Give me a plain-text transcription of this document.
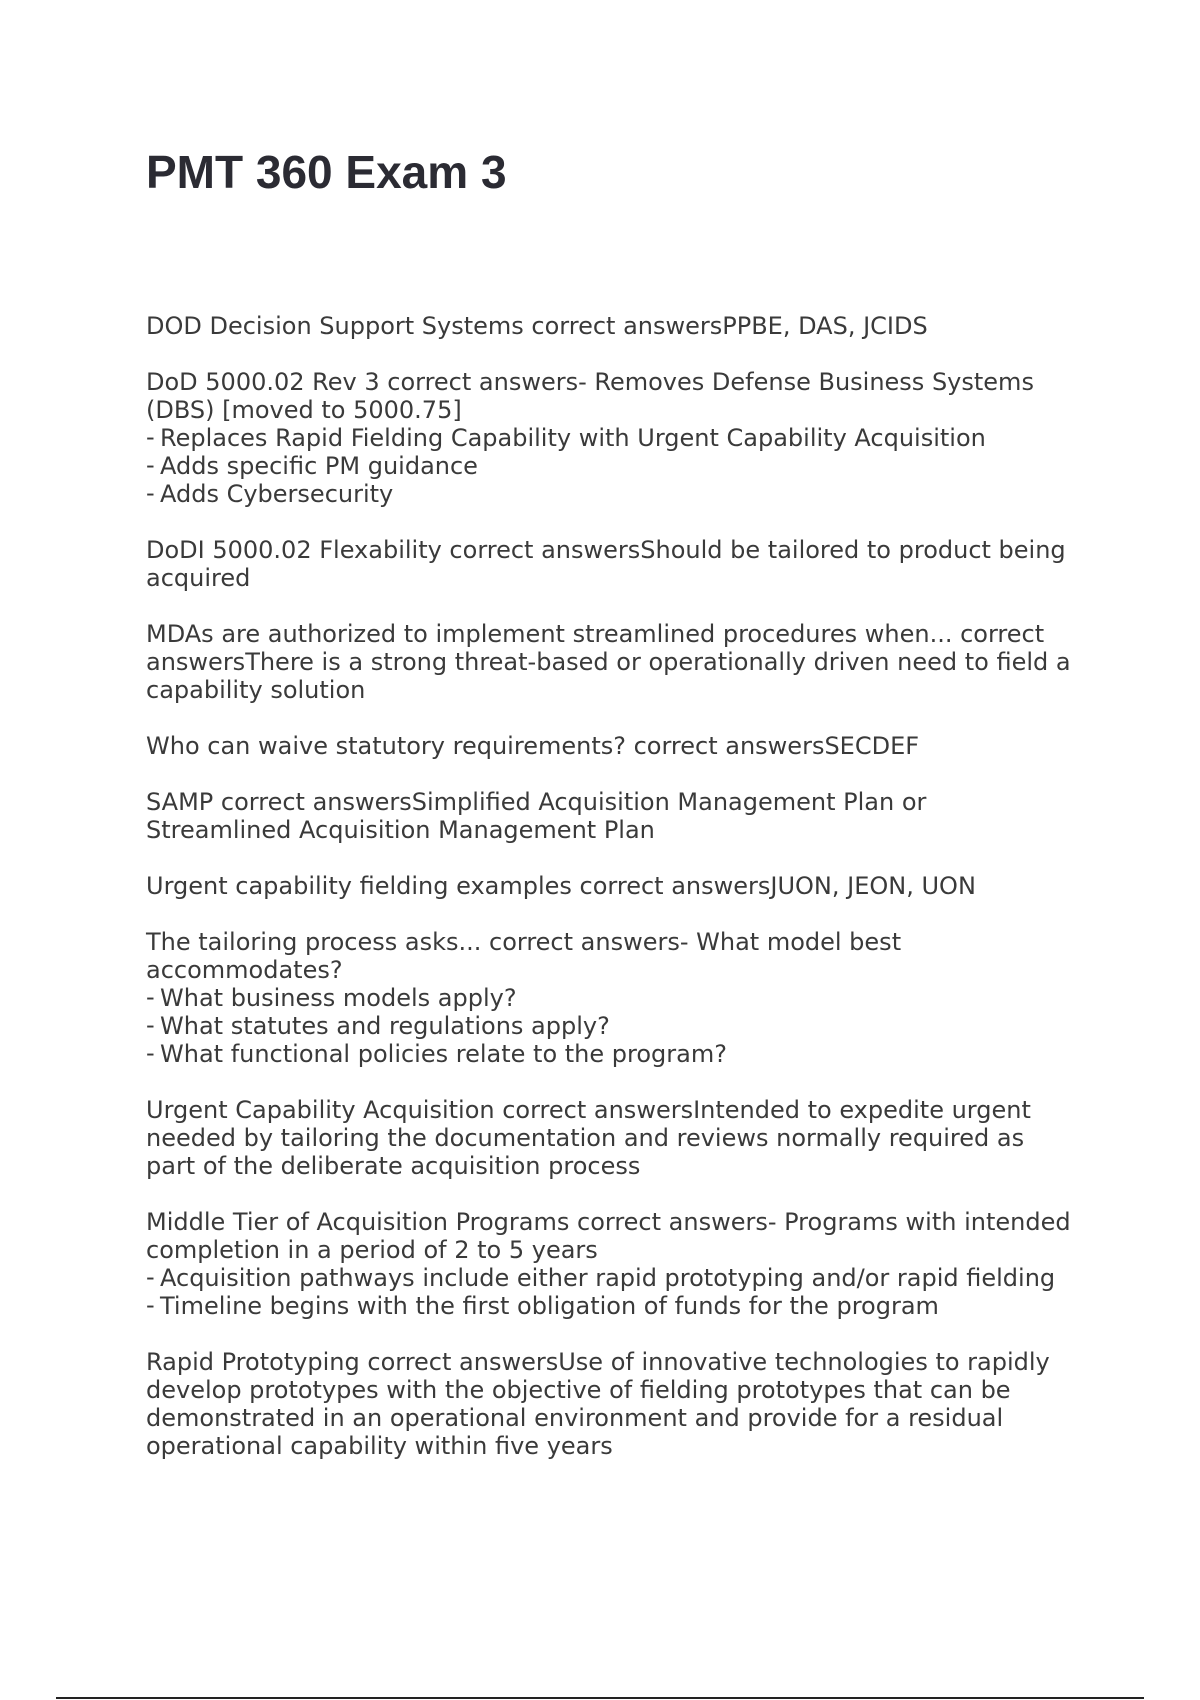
PMT 360 Exam 3

DOD Decision Support Systems correct answersPPBE, DAS, JCIDS

DoD 5000.02 Rev 3 correct answers- Removes Defense Business Systems (DBS) [moved to 5000.75]

- Replaces Rapid Fielding Capability with Urgent Capability Acquisition
- Adds specific PM guidance
- Adds Cybersecurity

DoDI 5000.02 Flexability correct answersShould be tailored to product being acquired

MDAs are authorized to implement streamlined procedures when... correct answersThere is a strong threat-based or operationally driven need to field a capability solution

Who can waive statutory requirements? correct answersSECDEF

SAMP correct answersSimplified Acquisition Management Plan or Streamlined Acquisition Management Plan

Urgent capability fielding examples correct answersJUON, JEON, UON

The tailoring process asks... correct answers- What model best accommodates?

- What business models apply?
- What statutes and regulations apply?
- What functional policies relate to the program?

Urgent Capability Acquisition correct answersIntended to expedite urgent needed by tailoring the documentation and reviews normally required as part of the deliberate acquisition process

Middle Tier of Acquisition Programs correct answers- Programs with intended completion in a period of 2 to 5 years

- Acquisition pathways include either rapid prototyping and/or rapid fielding
- Timeline begins with the first obligation of funds for the program

Rapid Prototyping correct answersUse of innovative technologies to rapidly develop prototypes with the objective of fielding prototypes that can be demonstrated in an operational environment and provide for a residual operational capability within five years
